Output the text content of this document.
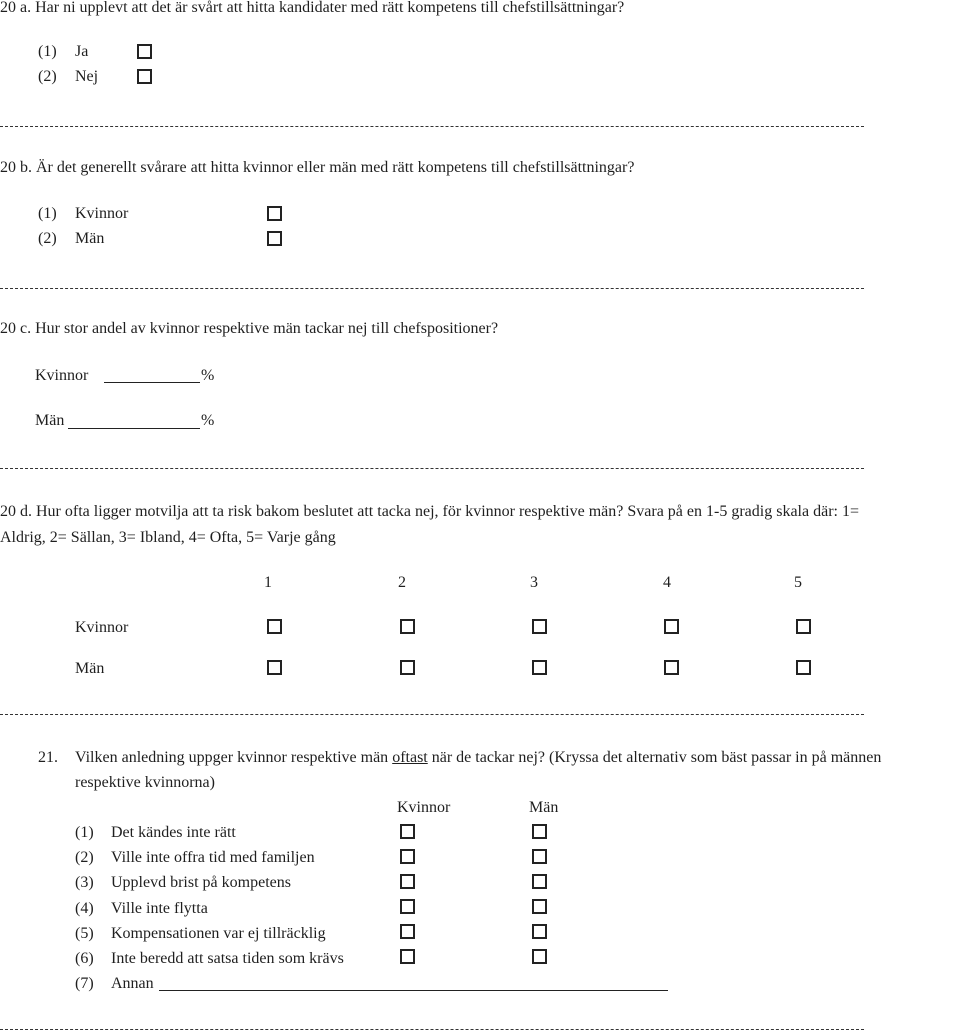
20 a. Har ni upplevt att det är svårt att hitta kandidater med rätt kompetens till chefstillsättningar?
(1) Ja
(2) Nej
20 b. Är det generellt svårare att hitta kvinnor eller män med rätt kompetens till chefstillsättningar?
(1) Kvinnor
(2) Män
20 c. Hur stor andel av kvinnor respektive män tackar nej till chefspositioner?
Kvinnor	%
Män	%
20 d. Hur ofta ligger motvilja att ta risk bakom beslutet att tacka nej, för kvinnor respektive män? Svara på en 1-5 gradig skala där: 1=
Aldrig, 2= Sällan, 3= Ibland, 4= Ofta, 5= Varje gång
1	2	3	4	5
Kvinnor
Män
21. Vilken anledning uppger kvinnor respektive män oftast när de tackar nej? (Kryssa det alternativ som bäst passar in på männen
respektive kvinnorna)
Kvinnor	Män
(1) Det kändes inte rätt
(2) Ville inte offra tid med familjen
(3) Upplevd brist på kompetens
(4) Ville inte flytta
(5) Kompensationen var ej tillräcklig
(6) Inte beredd att satsa tiden som krävs
(7) Annan
